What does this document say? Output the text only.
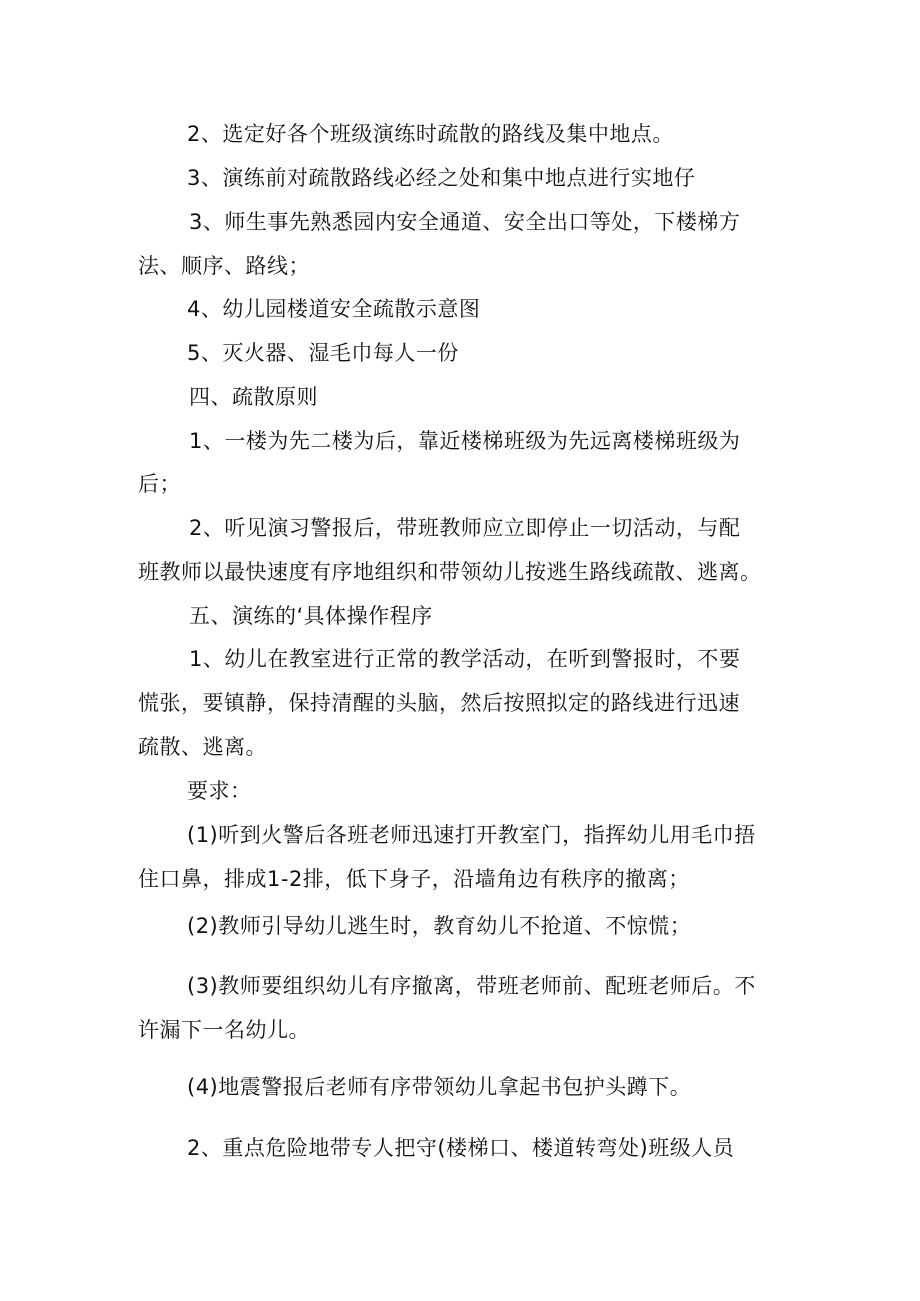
2、选定好各个班级演练时疏散的路线及集中地点。
3、演练前对疏散路线必经之处和集中地点进行实地仔
3、师生事先熟悉园内安全通道、安全出口等处，下楼梯方
法、顺序、路线；
4、幼儿园楼道安全疏散示意图
5、灭火器、湿毛巾每人一份
四、疏散原则
1、一楼为先二楼为后，靠近楼梯班级为先远离楼梯班级为
后；
2、听见演习警报后，带班教师应立即停止一切活动，与配
班教师以最快速度有序地组织和带领幼儿按逃生路线疏散、逃离。
五、演练的‘具体操作程序
1、幼儿在教室进行正常的教学活动，在听到警报时，不要
慌张，要镇静，保持清醒的头脑，然后按照拟定的路线进行迅速
疏散、逃离。
要求：
(1)听到火警后各班老师迅速打开教室门，指挥幼儿用毛巾捂
住口鼻，排成1-2排，低下身子，沿墙角边有秩序的撤离；
(2)教师引导幼儿逃生时，教育幼儿不抢道、不惊慌；
(3)教师要组织幼儿有序撤离，带班老师前、配班老师后。不
许漏下一名幼儿。
(4)地震警报后老师有序带领幼儿拿起书包护头蹲下。
2、重点危险地带专人把守(楼梯口、楼道转弯处)班级人员
